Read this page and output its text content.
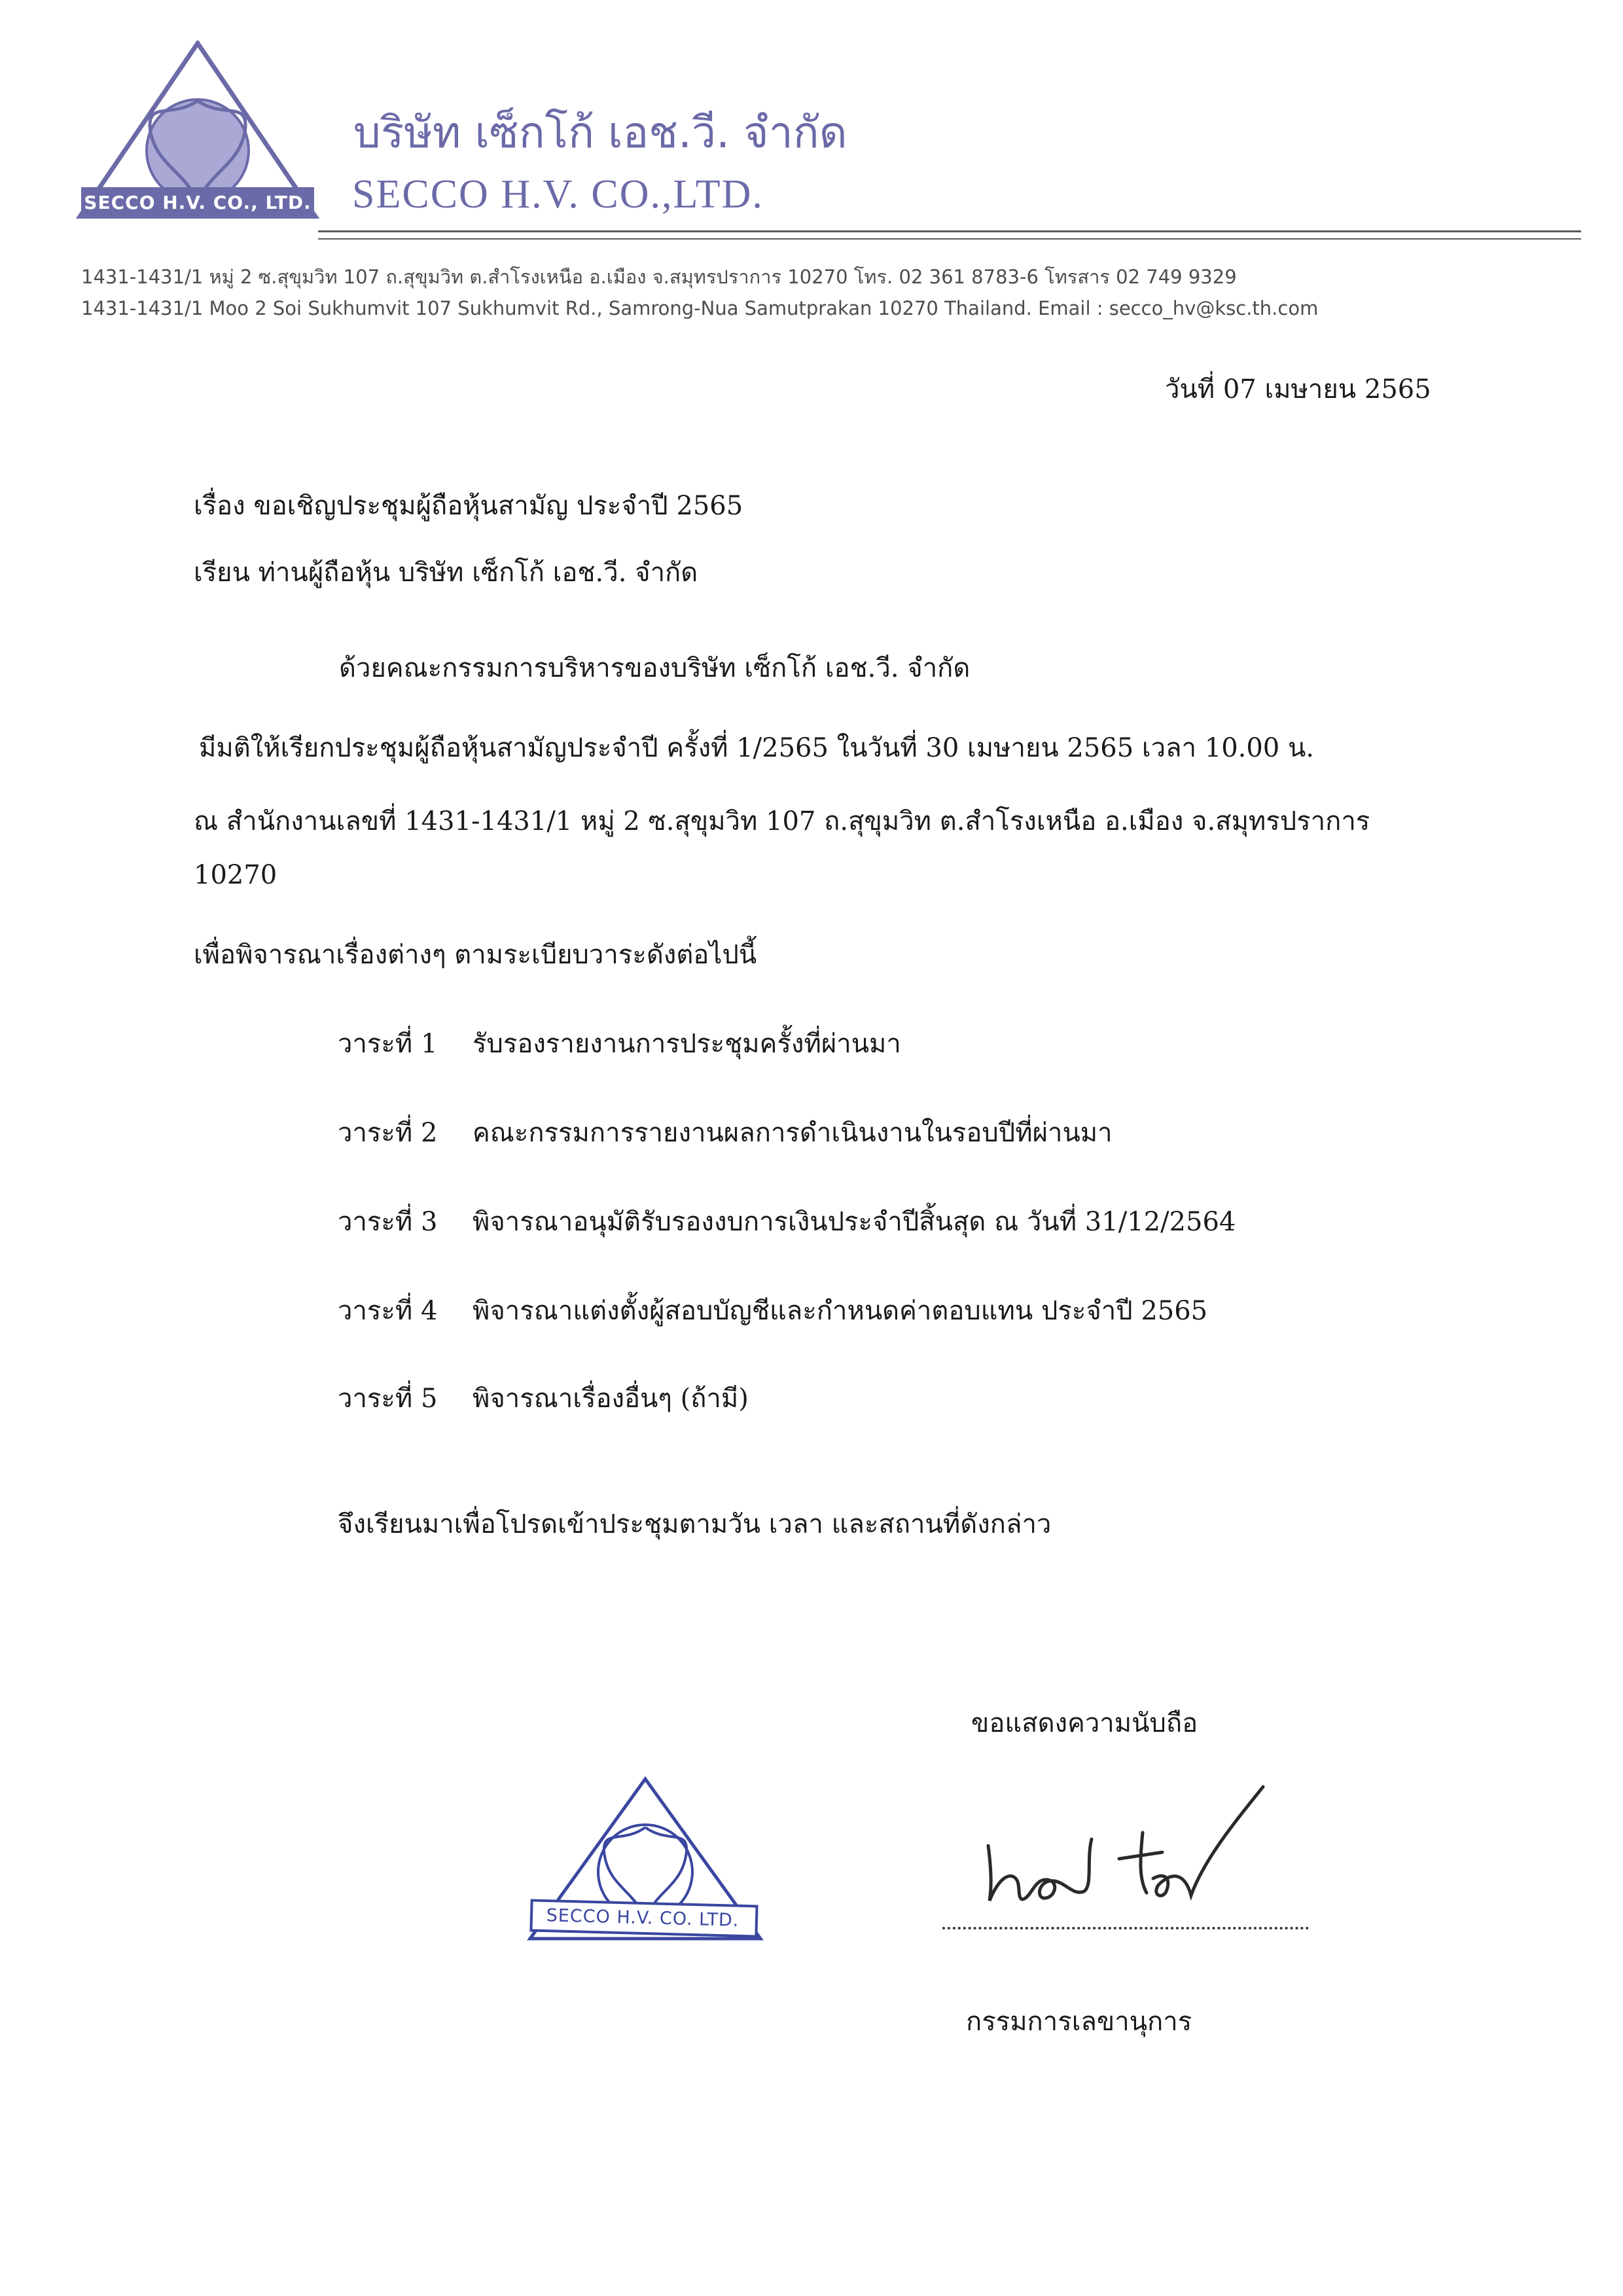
SECCO H.V. CO., LTD.
บริษัท เซ็กโก้ เอช.วี. จำกัด
SECCO H.V. CO.,LTD.
1431-1431/1 หมู่ 2 ซ.สุขุมวิท 107 ถ.สุขุมวิท ต.สำโรงเหนือ อ.เมือง จ.สมุทรปราการ 10270 โทร. 02 361 8783-6 โทรสาร 02 749 9329
1431-1431/1 Moo 2 Soi Sukhumvit 107 Sukhumvit Rd., Samrong-Nua Samutprakan 10270 Thailand. Email : secco_hv@ksc.th.com
วันที่ 07 เมษายน 2565
เรื่อง ขอเชิญประชุมผู้ถือหุ้นสามัญ ประจำปี 2565
เรียน ท่านผู้ถือหุ้น บริษัท เซ็กโก้ เอช.วี. จำกัด
ด้วยคณะกรรมการบริหารของบริษัท เซ็กโก้ เอช.วี. จำกัด
มีมติให้เรียกประชุมผู้ถือหุ้นสามัญประจำปี ครั้งที่ 1/2565 ในวันที่ 30 เมษายน 2565 เวลา 10.00 น.
ณ สำนักงานเลขที่ 1431-1431/1 หมู่ 2 ซ.สุขุมวิท 107 ถ.สุขุมวิท ต.สำโรงเหนือ อ.เมือง จ.สมุทรปราการ
10270
เพื่อพิจารณาเรื่องต่างๆ ตามระเบียบวาระดังต่อไปนี้
วาระที่ 1 รับรองรายงานการประชุมครั้งที่ผ่านมา
วาระที่ 2 คณะกรรมการรายงานผลการดำเนินงานในรอบปีที่ผ่านมา
วาระที่ 3 พิจารณาอนุมัติรับรองงบการเงินประจำปีสิ้นสุด ณ วันที่ 31/12/2564
วาระที่ 4 พิจารณาแต่งตั้งผู้สอบบัญชีและกำหนดค่าตอบแทน ประจำปี 2565
วาระที่ 5 พิจารณาเรื่องอื่นๆ (ถ้ามี)
จึงเรียนมาเพื่อโปรดเข้าประชุมตามวัน เวลา และสถานที่ดังกล่าว
ขอแสดงความนับถือ
SECCO H.V. CO. LTD.
กรรมการเลขานุการ
